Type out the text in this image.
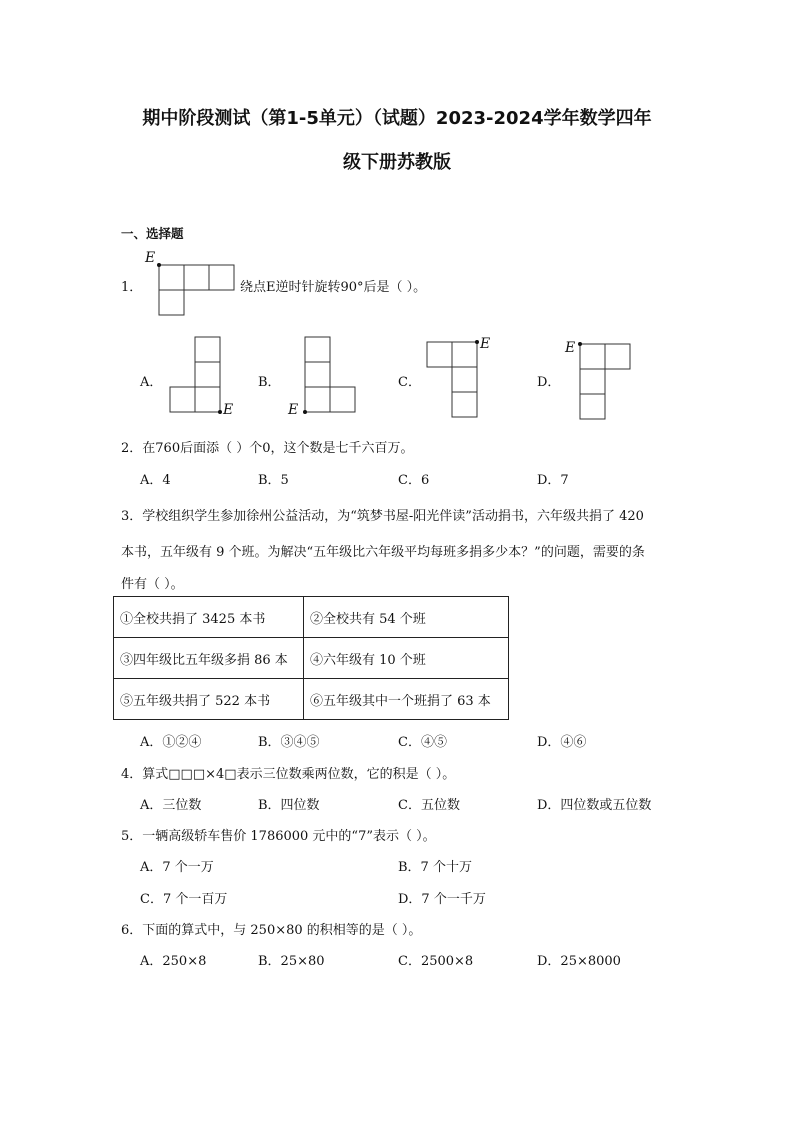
期中阶段测试（第1-5单元）（试题）2023-2024学年数学四年
级下册苏教版
一、选择题
1．
E
绕点E逆时针旋转90°后是（ ）。
A．
E
B．
E
C．
E
D．
E
2．在760后面添（ ）个0，这个数是七千六百万。
A．4	B．5	C．6	D．7
3．学校组织学生参加徐州公益活动，为“筑梦书屋-阳光伴读”活动捐书，六年级共捐了 420
本书，五年级有 9 个班。为解决“五年级比六年级平均每班多捐多少本？”的问题，需要的条
件有（ ）。
①全校共捐了 3425 本书	②全校共有 54 个班
③四年级比五年级多捐 86 本	④六年级有 10 个班
⑤五年级共捐了 522 本书	⑥五年级其中一个班捐了 63 本
A．①②④	B．③④⑤	C．④⑤	D．④⑥
4．算式□□□×4□表示三位数乘两位数，它的积是（ ）。
A．三位数	B．四位数	C．五位数	D．四位数或五位数
5．一辆高级轿车售价 1786000 元中的“7”表示（ ）。
A．7 个一万	B．7 个十万
C．7 个一百万	D．7 个一千万
6．下面的算式中，与 250×80 的积相等的是（ ）。
A．250×8	B．25×80	C．2500×8	D．25×8000
